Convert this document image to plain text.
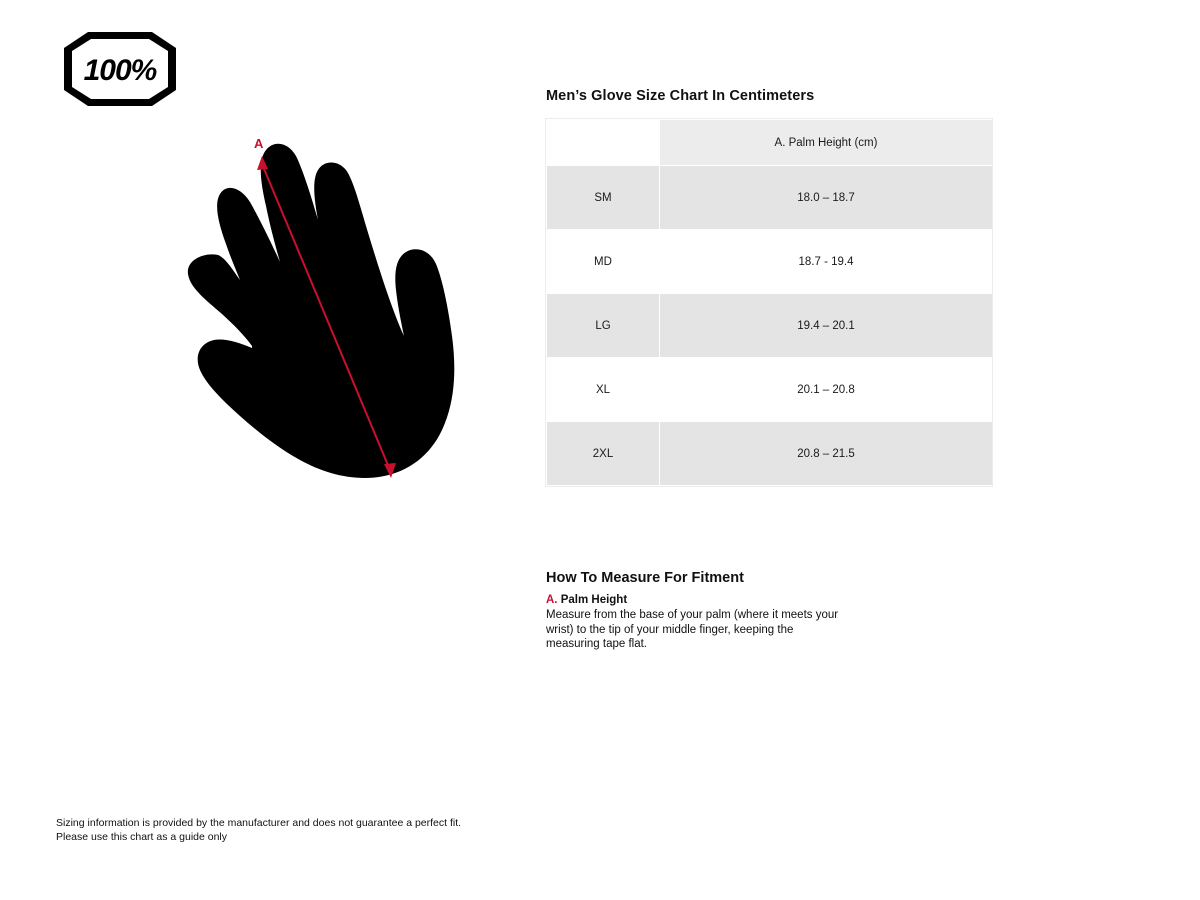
100%
A
Men’s Glove Size Chart In Centimeters
	A. Palm Height (cm)
SM	18.0 – 18.7
MD	18.7 - 19.4
LG	19.4 – 20.1
XL	20.1 – 20.8
2XL	20.8 – 21.5
How To Measure For Fitment

A. Palm Height

Measure from the base of your palm (where it meets your wrist) to the tip of your middle finger, keeping the measuring tape flat.

Sizing information is provided by the manufacturer and does not guarantee a perfect fit.
Please use this chart as a guide only
